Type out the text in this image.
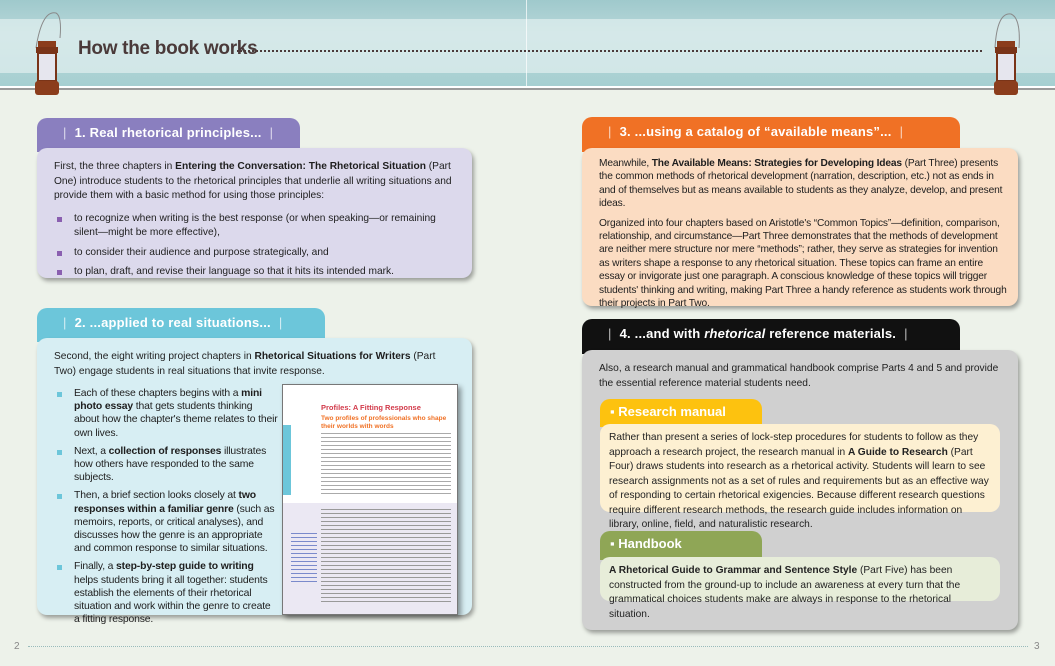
How the book works
| 1. Real rhetorical principles... |

First, the three chapters in Entering the Conversation: The Rhetorical Situation (Part One) introduce students to the rhetorical principles that underlie all writing situations and provide them with a basic method for using those principles:

to recognize when writing is the best response (or when speaking—or remaining silent—might be more effective),
to consider their audience and purpose strategically, and
to plan, draft, and revise their language so that it hits its intended mark.
| 2. ...applied to real situations... |

Second, the eight writing project chapters in Rhetorical Situations for Writers (Part Two) engage students in real situations that invite response.

Each of these chapters begins with a mini photo essay that gets students thinking about how the chapter's theme relates to their own lives.
Next, a collection of responses illustrates how others have responded to the same subjects.
Then, a brief section looks closely at two responses within a familiar genre (such as memoirs, reports, or critical analyses), and discusses how the genre is an appropriate and common response to similar situations.
Finally, a step-by-step guide to writing helps students bring it all together: students establish the elements of their rhetorical situation and work within the genre to create a fitting response.
Profiles: A Fitting Response
Two profiles of professionals who shape their worlds with words
| 3. ...using a catalog of “available means”... |

Meanwhile, The Available Means: Strategies for Developing Ideas (Part Three) presents the common methods of rhetorical development (narration, description, etc.) not as ends in and of themselves but as means available to students as they analyze, develop, and present ideas.

Organized into four chapters based on Aristotle's “Common Topics”—definition, comparison, relationship, and circumstance—Part Three demonstrates that the methods of development are neither mere structure nor mere “methods”; rather, they serve as strategies for invention as writers shape a response to any rhetorical situation. These topics can frame an entire essay or invigorate just one paragraph. A conscious knowledge of these topics will trigger students' thinking and writing, making Part Three a handy reference as students work through their projects in Part Two.

| 4. ...and with rhetorical reference materials. |

Also, a research manual and grammatical handbook comprise Parts 4 and 5 and provide the essential reference material students need.

▪ Research manual
Rather than present a series of lock-step procedures for students to follow as they approach a research project, the research manual in A Guide to Research (Part Four) draws students into research as a rhetorical activity. Students will learn to see research assignments not as a set of rules and requirements but as an effective way of responding to certain rhetorical exigencies. Because different research questions require different research methods, the research guide includes information on library, online, field, and naturalistic research.
▪ Handbook
A Rhetorical Guide to Grammar and Sentence Style (Part Five) has been constructed from the ground-up to include an awareness at every turn that the grammatical choices students make are always in response to the rhetorical situation.
2	3
